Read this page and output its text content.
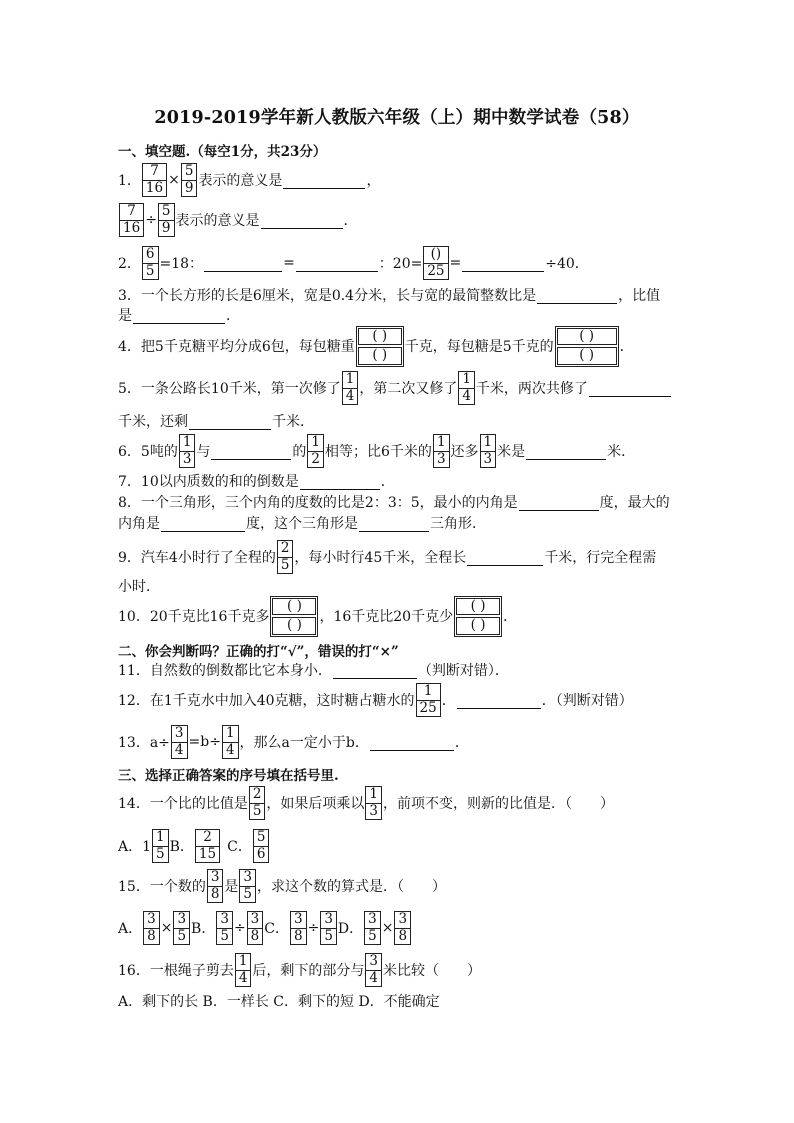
2019-2019学年新人教版六年级（上）期中数学试卷（58）
一、填空题.（每空1分，共23分）
1． $\frac{7}{16} \times \frac{5}{9}$ 表示的意义是	，
$\frac{7}{16} \div \frac{5}{9}$ 表示的意义是	．
2． $\frac{6}{5} =18$：	=	：$20= \frac{()}{25}$ =	÷40．
3．一个长方形的长是6厘米，宽是0.4分米，长与宽的最简整数比是	，比值
是	．
4．把5千克糖平均分成6包，每包糖重 $\frac{( )}{( )}$ 千克，每包糖是5千克的 $\frac{( )}{( )}$ ．
5．一条公路长10千米，第一次修了 $\frac{1}{4}$ ，第二次又修了 $\frac{1}{4}$ 千米，两次共修了
千米，还剩	千米．
6．5吨的 $\frac{1}{3}$ 与	的 $\frac{1}{2}$ 相等；比6千米的 $\frac{1}{3}$ 还多 $\frac{1}{3}$ 米是	米．
7．10以内质数的和的倒数是	．
8．一个三角形，三个内角的度数的比是2：3：5，最小的内角是	度，最大的
内角是	度，这个三角形是	三角形．
9．汽车4小时行了全程的 $\frac{2}{5}$ ，每小时行45千米，全程长	千米，行完全程需
小时．
10．20千克比16千克多 $\frac{( )}{( )}$ ，16千克比20千克少 $\frac{( )}{( )}$ ．
二、你会判断吗？正确的打“√”，错误的打“×”
11．自然数的倒数都比它本身小．	（判断对错）．
12．在1千克水中加入40克糖，这时糖占糖水的 $\frac{1}{25}$ ．	．（判断对错）
13．$a\div \frac{3}{4} =b\div \frac{1}{4}$ ，那么a一定小于b．	．
三、选择正确答案的序号填在括号里.
14．一个比的比值是 $\frac{2}{5}$ ，如果后项乘以 $\frac{1}{3}$ ，前项不变，则新的比值是．（　　）
A．$1 \frac{1}{5}$ B． $\frac{2}{15}$ C． $\frac{5}{6}$
15．一个数的 $\frac{3}{8}$ 是 $\frac{3}{5}$ ，求这个数的算式是．（　　）
A． $\frac{3}{8} \times \frac{3}{5}$ B． $\frac{3}{5} \div \frac{3}{8}$ C． $\frac{3}{8} \div \frac{3}{5}$ D． $\frac{3}{5} \times \frac{3}{8}$
16．一根绳子剪去 $\frac{1}{4}$ 后，剩下的部分与 $\frac{3}{4}$ 米比较（　　）
A．剩下的长 B．一样长 C．剩下的短 D．不能确定
